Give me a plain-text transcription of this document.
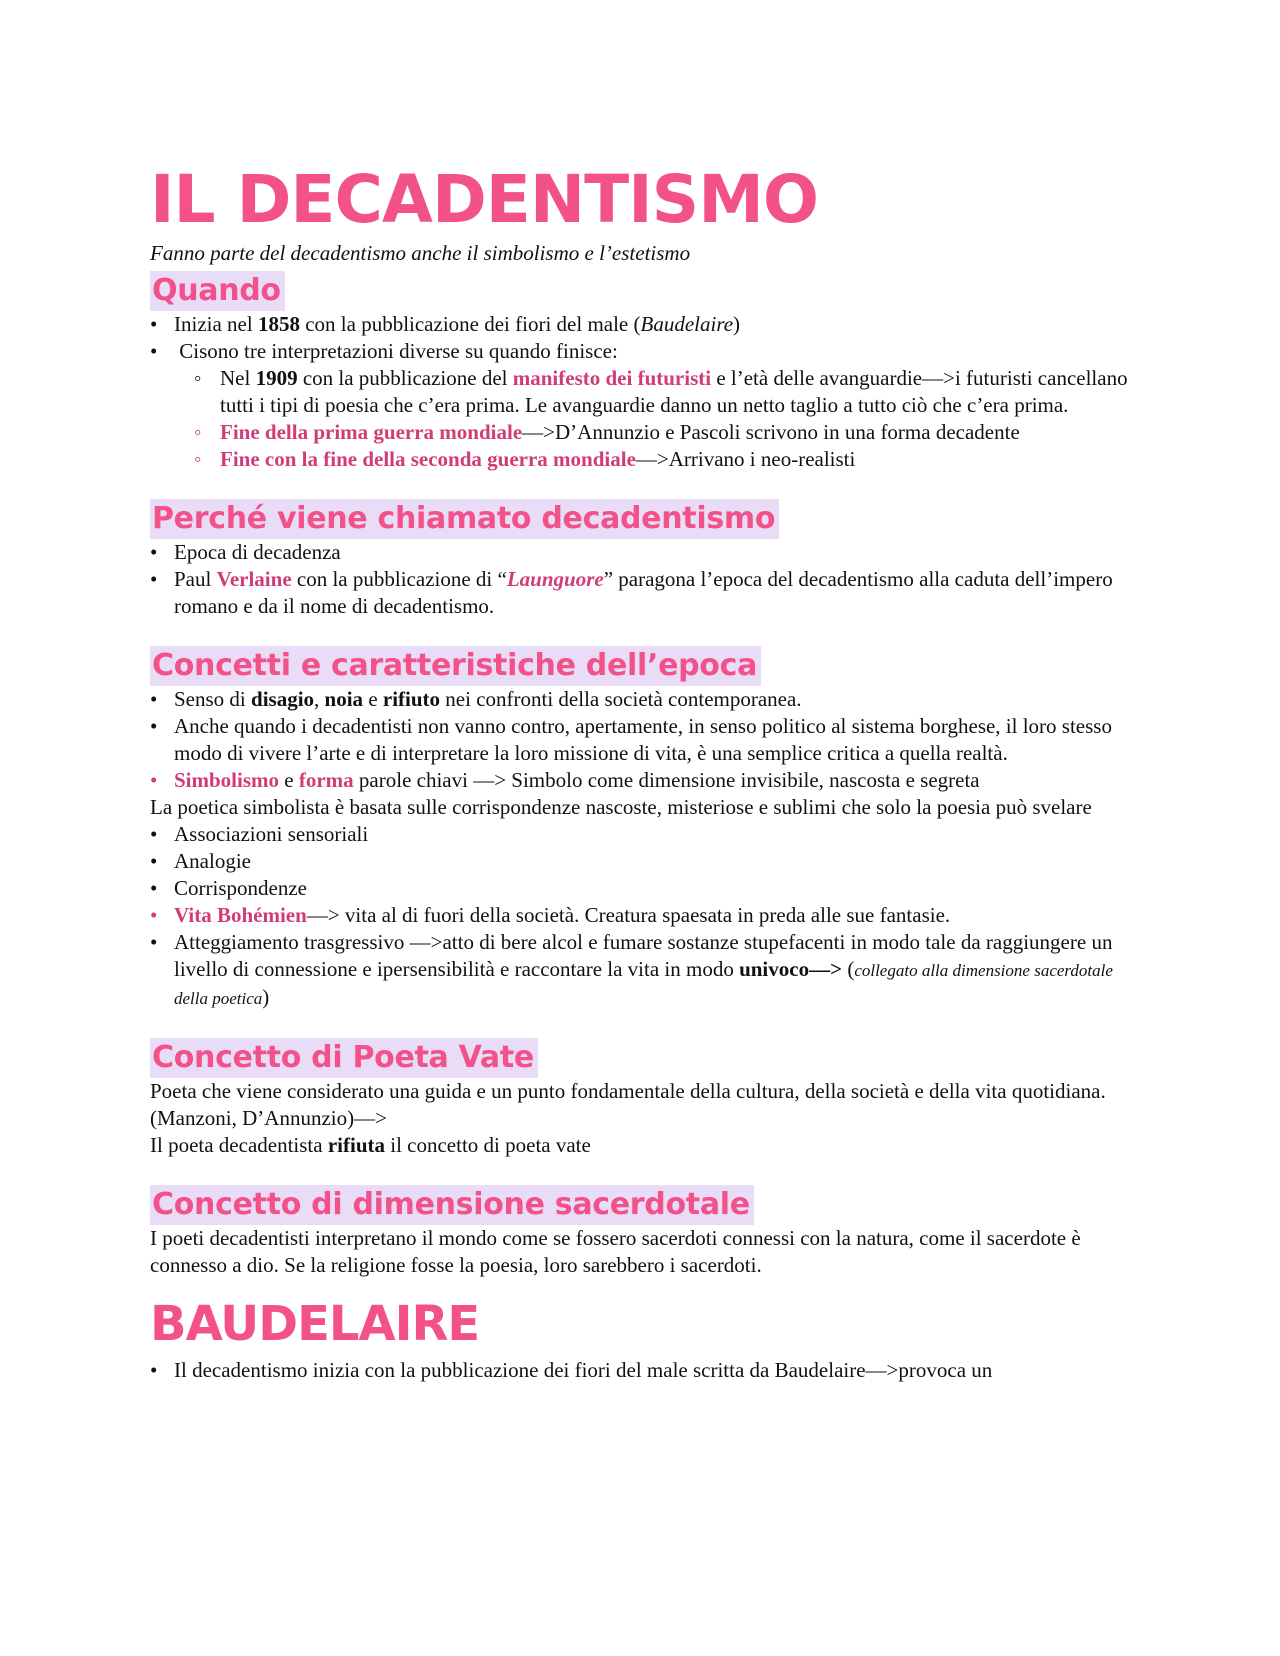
IL DECADENTISMO

Fanno parte del decadentismo anche il simbolismo e l’estetismo

Quando
• Inizia nel 1858 con la pubblicazione dei fiori del male (Baudelaire)
• Cisono tre interpretazioni diverse su quando finisce:
◦ Nel 1909 con la pubblicazione del manifesto dei futuristi e l’età delle avanguardie—>i futuristi cancellano tutti i tipi di poesia che c’era prima. Le avanguardie danno un netto taglio a tutto ciò che c’era prima.
◦ Fine della prima guerra mondiale—>D’Annunzio e Pascoli scrivono in una forma decadente
◦ Fine con la fine della seconda guerra mondiale—>Arrivano i neo-realisti
Perché viene chiamato decadentismo
• Epoca di decadenza
• Paul Verlaine con la pubblicazione di “Launguore” paragona l’epoca del decadentismo alla caduta dell’impero romano e da il nome di decadentismo.
Concetti e caratteristiche dell’epoca
• Senso di disagio, noia e rifiuto nei confronti della società contemporanea.
• Anche quando i decadentisti non vanno contro, apertamente, in senso politico al sistema borghese, il loro stesso modo di vivere l’arte e di interpretare la loro missione di vita, è una semplice critica a quella realtà.
• Simbolismo e forma parole chiavi —> Simbolo come dimensione invisibile, nascosta e segreta

La poetica simbolista è basata sulle corrispondenze nascoste, misteriose e sublimi che solo la poesia può svelare

• Associazioni sensoriali
• Analogie
• Corrispondenze
• Vita Bohémien—> vita al di fuori della società. Creatura spaesata in preda alle sue fantasie.
• Atteggiamento trasgressivo —>atto di bere alcol e fumare sostanze stupefacenti in modo tale da raggiungere un livello di connessione e ipersensibilità e raccontare la vita in modo univoco—> (collegato alla dimensione sacerdotale della poetica)
Concetto di Poeta Vate

Poeta che viene considerato una guida e un punto fondamentale della cultura, della società e della vita quotidiana.(Manzoni, D’Annunzio)—>

Il poeta decadentista rifiuta il concetto di poeta vate

Concetto di dimensione sacerdotale

I poeti decadentisti interpretano il mondo come se fossero sacerdoti connessi con la natura, come il sacerdote è connesso a dio. Se la religione fosse la poesia, loro sarebbero i sacerdoti.

BAUDELAIRE
• Il decadentismo inizia con la pubblicazione dei fiori del male scritta da Baudelaire—>provoca un
